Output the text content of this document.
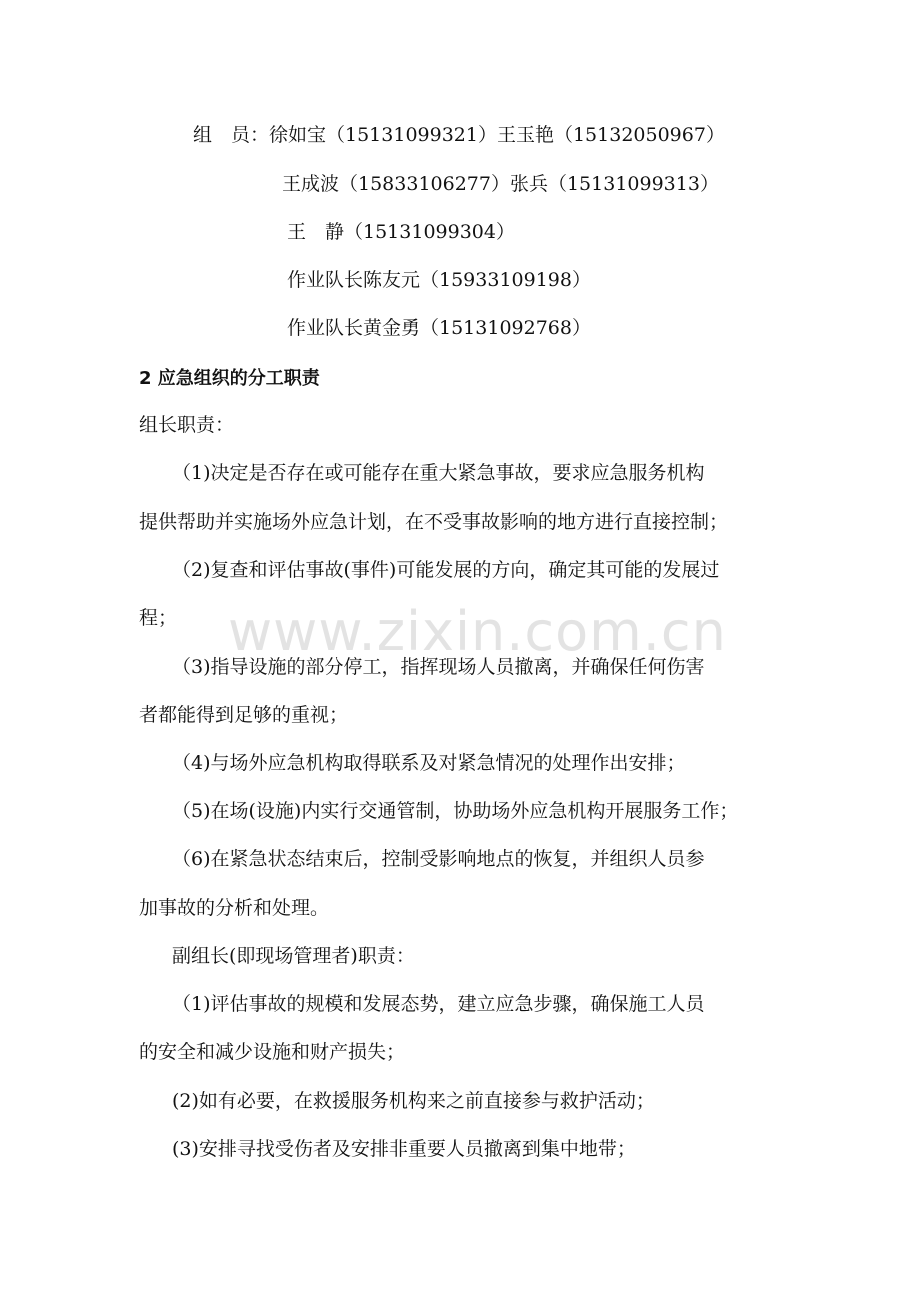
www.zixin.com.cn
组　员：徐如宝（15131099321）王玉艳（15132050967）
王成波（15833106277）张兵（15131099313）
王　静（15131099304）
作业队长陈友元（15933109198）
作业队长黄金勇（15131092768）
2 应急组织的分工职责
组长职责：
（1)决定是否存在或可能存在重大紧急事故，要求应急服务机构
提供帮助并实施场外应急计划，在不受事故影响的地方进行直接控制；
（2)复查和评估事故(事件)可能发展的方向，确定其可能的发展过
程；
（3)指导设施的部分停工，指挥现场人员撤离，并确保任何伤害
者都能得到足够的重视；
（4)与场外应急机构取得联系及对紧急情况的处理作出安排；
（5)在场(设施)内实行交通管制，协助场外应急机构开展服务工作；
（6)在紧急状态结束后，控制受影响地点的恢复，并组织人员参
加事故的分析和处理。
副组长(即现场管理者)职责：
（1)评估事故的规模和发展态势，建立应急步骤，确保施工人员
的安全和减少设施和财产损失；
(2)如有必要，在救援服务机构来之前直接参与救护活动；
(3)安排寻找受伤者及安排非重要人员撤离到集中地带；
